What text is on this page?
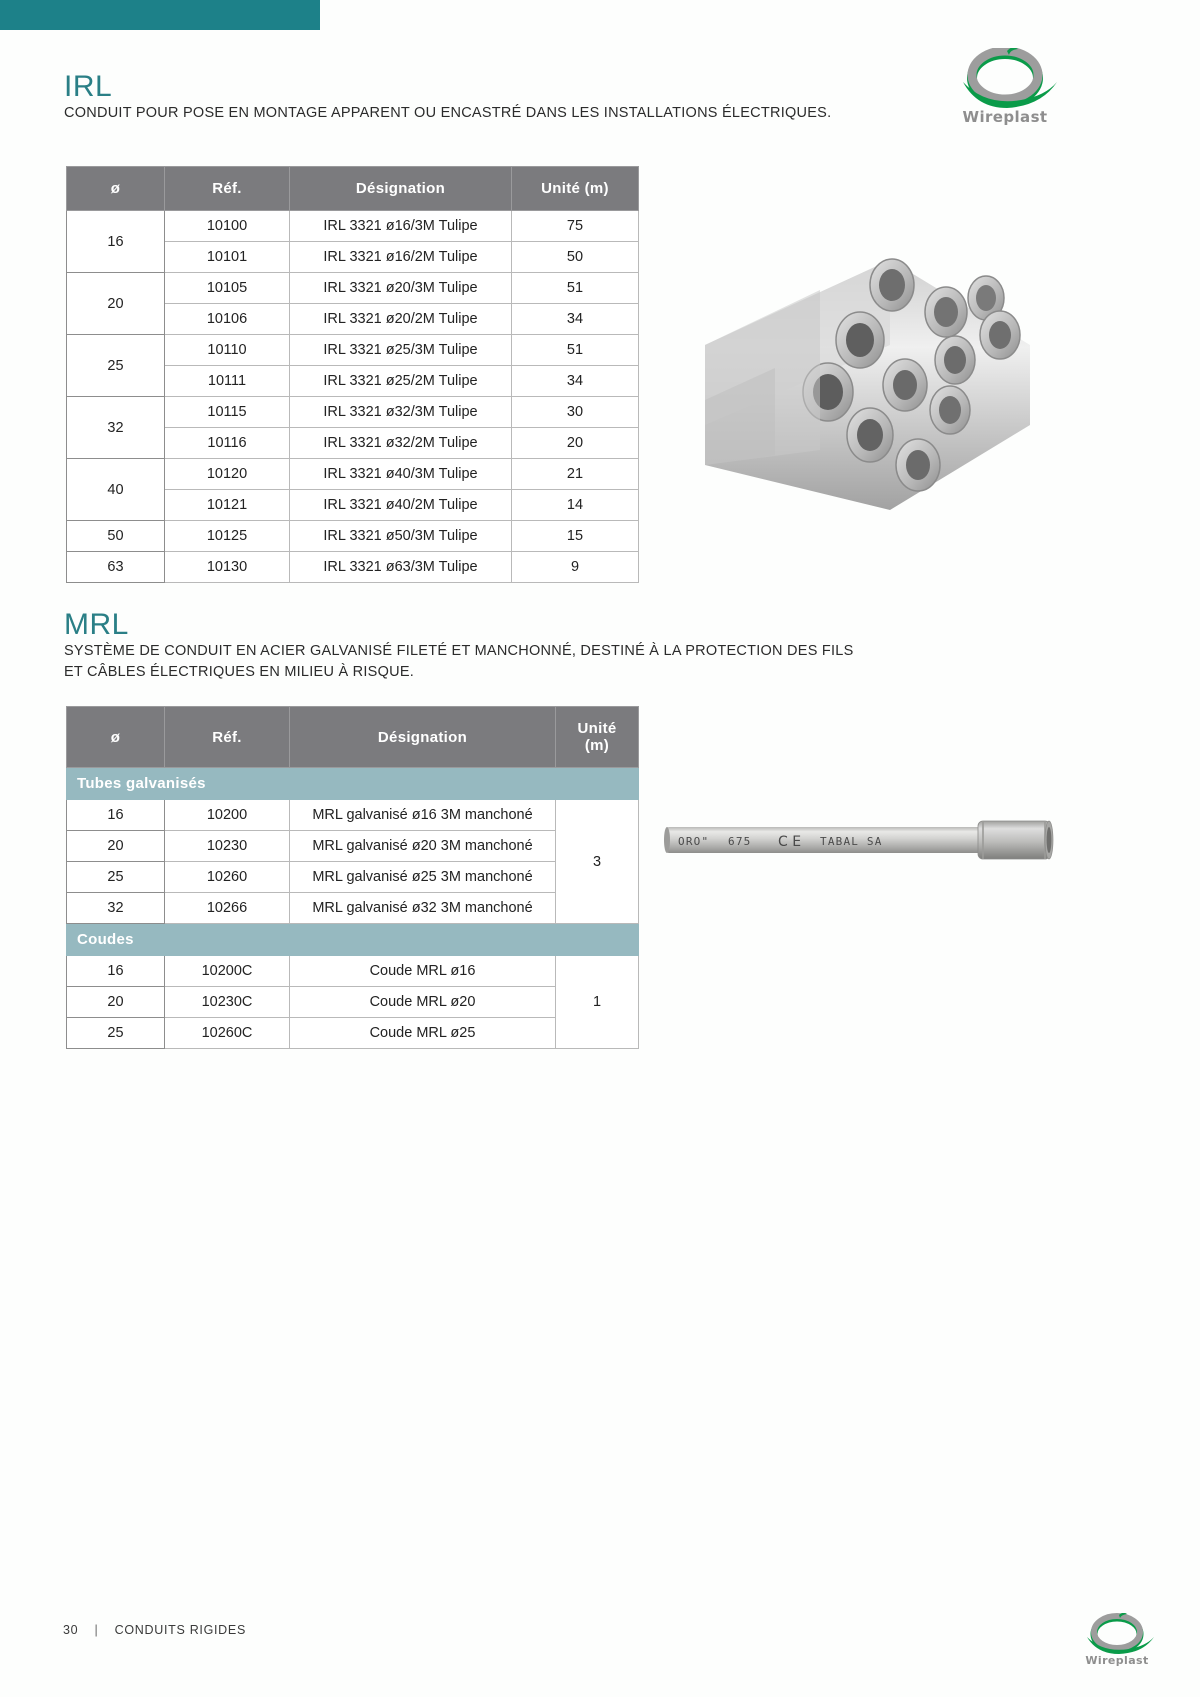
Wireplast
IRL
CONDUIT POUR POSE EN MONTAGE APPARENT OU ENCASTRÉ DANS LES INSTALLATIONS ÉLECTRIQUES.
ø	Réf.	Désignation	Unité (m)
16	10100	IRL 3321 ø16/3M Tulipe	75
	10101	IRL 3321 ø16/2M Tulipe	50
20	10105	IRL 3321 ø20/3M Tulipe	51
	10106	IRL 3321 ø20/2M Tulipe	34
25	10110	IRL 3321 ø25/3M Tulipe	51
	10111	IRL 3321 ø25/2M Tulipe	34
32	10115	IRL 3321 ø32/3M Tulipe	30
	10116	IRL 3321 ø32/2M Tulipe	20
40	10120	IRL 3321 ø40/3M Tulipe	21
	10121	IRL 3321 ø40/2M Tulipe	14
50	10125	IRL 3321 ø50/3M Tulipe	15
63	10130	IRL 3321 ø63/3M Tulipe	9
MRL
SYSTÈME DE CONDUIT EN ACIER GALVANISÉ FILETÉ ET MANCHONNÉ, DESTINÉ À LA PROTECTION DES FILS ET CÂBLES ÉLECTRIQUES EN MILIEU À RISQUE.
ø	Réf.	Désignation	Unité
(m)
Tubes galvanisés			
16	10200	MRL galvanisé ø16 3M manchoné	3
20	10230	MRL galvanisé ø20 3M manchoné	
25	10260	MRL galvanisé ø25 3M manchoné	
32	10266	MRL galvanisé ø32 3M manchoné	
Coudes			
16	10200C	Coude MRL ø16	1
20	10230C	Coude MRL ø20	
25	10260C	Coude MRL ø25	
ORO" 675 C E TABAL SA
30 | CONDUITS RIGIDES
Wireplast
